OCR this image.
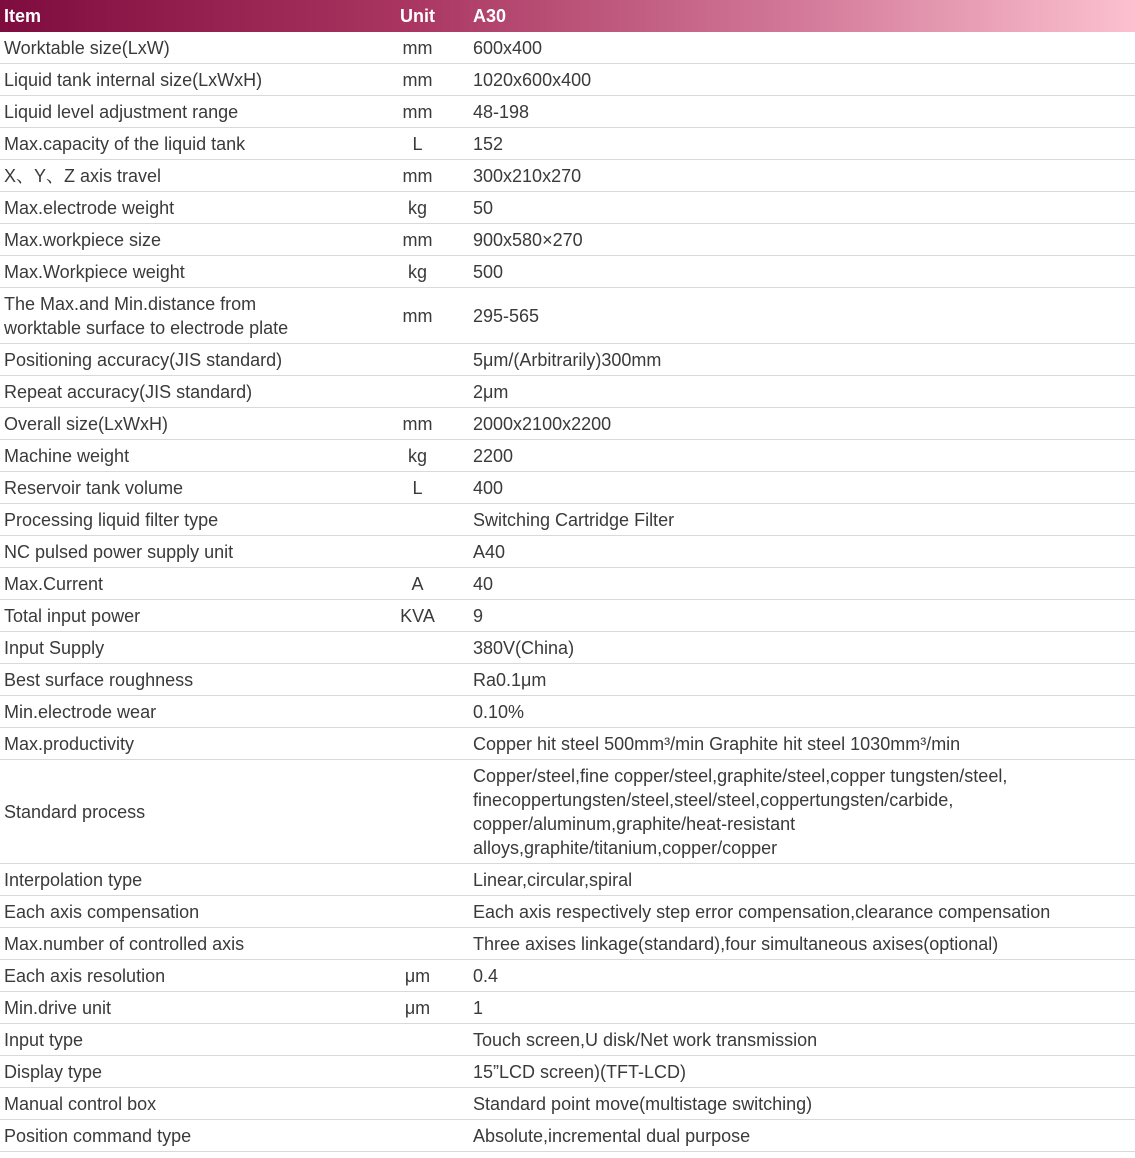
Item	Unit	A30
Worktable size(LxW)	mm	600x400
Liquid tank internal size(LxWxH)	mm	1020x600x400
Liquid level adjustment range	mm	48-198
Max.capacity of the liquid tank	L	152
X、Y、Z axis travel	mm	300x210x270
Max.electrode weight	kg	50
Max.workpiece size	mm	900x580×270
Max.Workpiece weight	kg	500
The Max.and Min.distance from
worktable surface to electrode plate	mm	295-565
Positioning accuracy(JIS standard)		5μm/(Arbitrarily)300mm
Repeat accuracy(JIS standard)		2μm
Overall size(LxWxH)	mm	2000x2100x2200
Machine weight	kg	2200
Reservoir tank volume	L	400
Processing liquid filter type		Switching Cartridge Filter
NC pulsed power supply unit		A40
Max.Current	A	40
Total input power	KVA	9
Input Supply		380V(China)
Best surface roughness		Ra0.1μm
Min.electrode wear		0.10%
Max.productivity		Copper hit steel 500mm³/min Graphite hit steel 1030mm³/min
Standard process		Copper/steel,fine copper/steel,graphite/steel,copper tungsten/steel,
finecoppertungsten/steel,steel/steel,coppertungsten/carbide,
copper/aluminum,graphite/heat-resistant
alloys,graphite/titanium,copper/copper
Interpolation type		Linear,circular,spiral
Each axis compensation		Each axis respectively step error compensation,clearance compensation
Max.number of controlled axis		Three axises linkage(standard),four simultaneous axises(optional)
Each axis resolution	μm	0.4
Min.drive unit	μm	1
Input type		Touch screen,U disk/Net work transmission
Display type		15”LCD screen)(TFT-LCD)
Manual control box		Standard point move(multistage switching)
Position command type		Absolute,incremental dual purpose
